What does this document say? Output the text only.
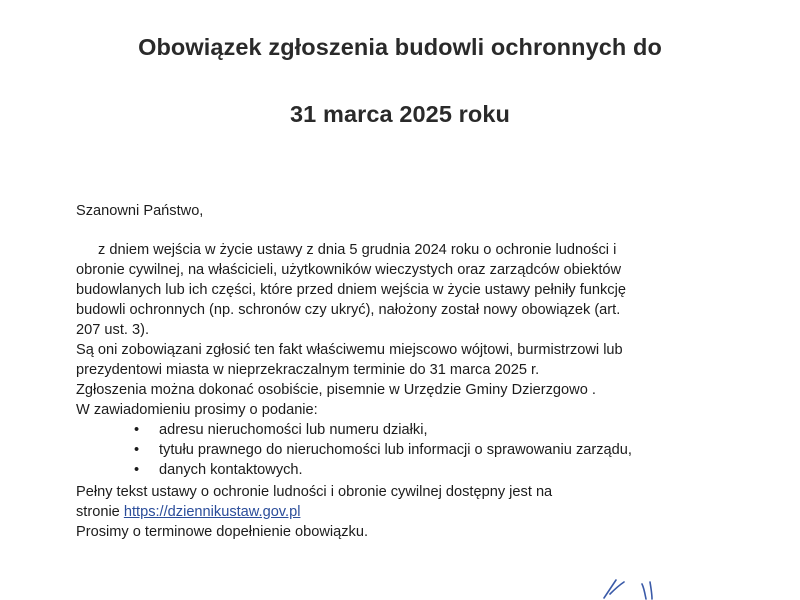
Obowiązek zgłoszenia budowli ochronnych do
31 marca 2025 roku
Szanowni Państwo,
z dniem wejścia w życie ustawy z dnia 5 grudnia 2024 roku o ochronie ludności i
obronie cywilnej, na właścicieli, użytkowników wieczystych oraz zarządców obiektów
budowlanych lub ich części, które przed dniem wejścia w życie ustawy pełniły funkcję
budowli ochronnych (np. schronów czy ukryć), nałożony został nowy obowiązek (art.
207 ust. 3).
Są oni zobowiązani zgłosić ten fakt właściwemu miejscowo wójtowi, burmistrzowi lub
prezydentowi miasta w nieprzekraczalnym terminie do 31 marca 2025 r.
Zgłoszenia można dokonać osobiście, pisemnie w Urzędzie Gminy Dzierzgowo .
W zawiadomieniu prosimy o podanie:
• adresu nieruchomości lub numeru działki,
• tytułu prawnego do nieruchomości lub informacji o sprawowaniu zarządu,
• danych kontaktowych.
Pełny tekst ustawy o ochronie ludności i obronie cywilnej dostępny jest na
stronie https://dziennikustaw.gov.pl
Prosimy o terminowe dopełnienie obowiązku.
